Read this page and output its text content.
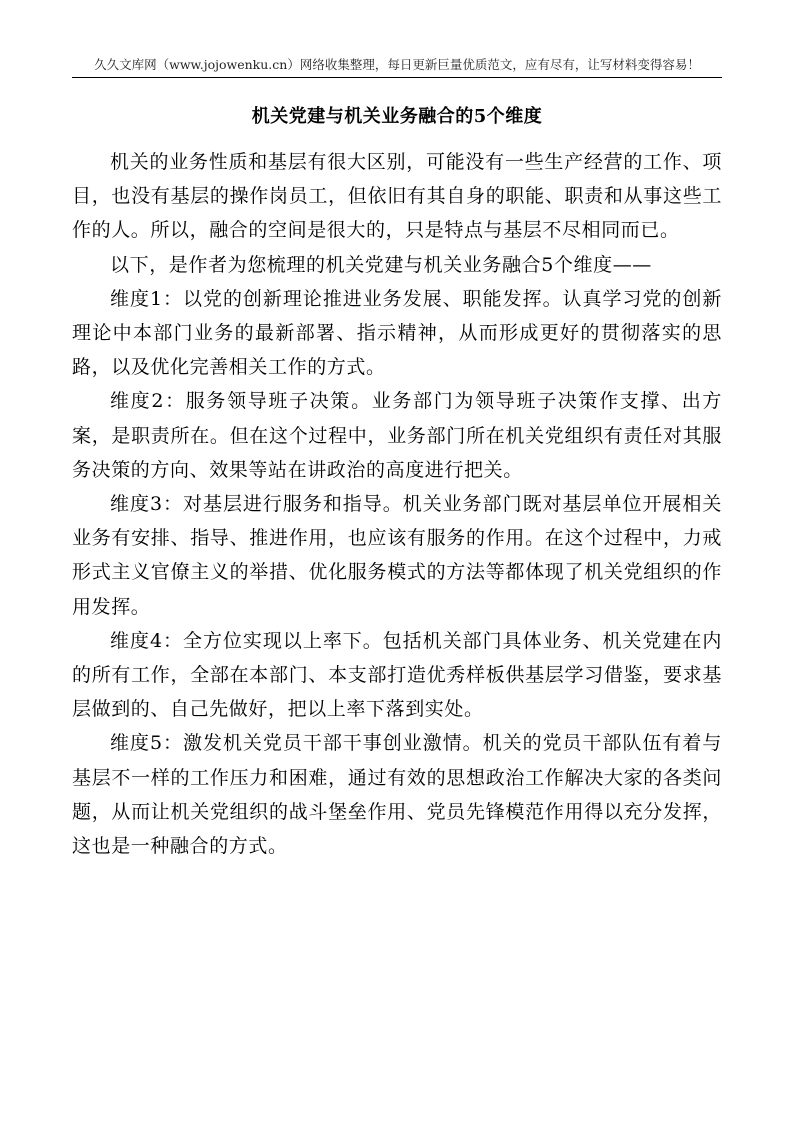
久久文库网（www.jojowenku.cn）网络收集整理，每日更新巨量优质范文，应有尽有，让写材料变得容易！
机关党建与机关业务融合的5个维度

机关的业务性质和基层有很大区别，可能没有一些生产经营的工作、项目，也没有基层的操作岗员工，但依旧有其自身的职能、职责和从事这些工作的人。所以，融合的空间是很大的，只是特点与基层不尽相同而已。

以下，是作者为您梳理的机关党建与机关业务融合5个维度——

维度1：以党的创新理论推进业务发展、职能发挥。认真学习党的创新理论中本部门业务的最新部署、指示精神，从而形成更好的贯彻落实的思路，以及优化完善相关工作的方式。

维度2：服务领导班子决策。业务部门为领导班子决策作支撑、出方案，是职责所在。但在这个过程中，业务部门所在机关党组织有责任对其服务决策的方向、效果等站在讲政治的高度进行把关。

维度3：对基层进行服务和指导。机关业务部门既对基层单位开展相关业务有安排、指导、推进作用，也应该有服务的作用。在这个过程中，力戒形式主义官僚主义的举措、优化服务模式的方法等都体现了机关党组织的作用发挥。

维度4：全方位实现以上率下。包括机关部门具体业务、机关党建在内的所有工作，全部在本部门、本支部打造优秀样板供基层学习借鉴，要求基层做到的、自己先做好，把以上率下落到实处。

维度5：激发机关党员干部干事创业激情。机关的党员干部队伍有着与基层不一样的工作压力和困难，通过有效的思想政治工作解决大家的各类问题，从而让机关党组织的战斗堡垒作用、党员先锋模范作用得以充分发挥，这也是一种融合的方式。
